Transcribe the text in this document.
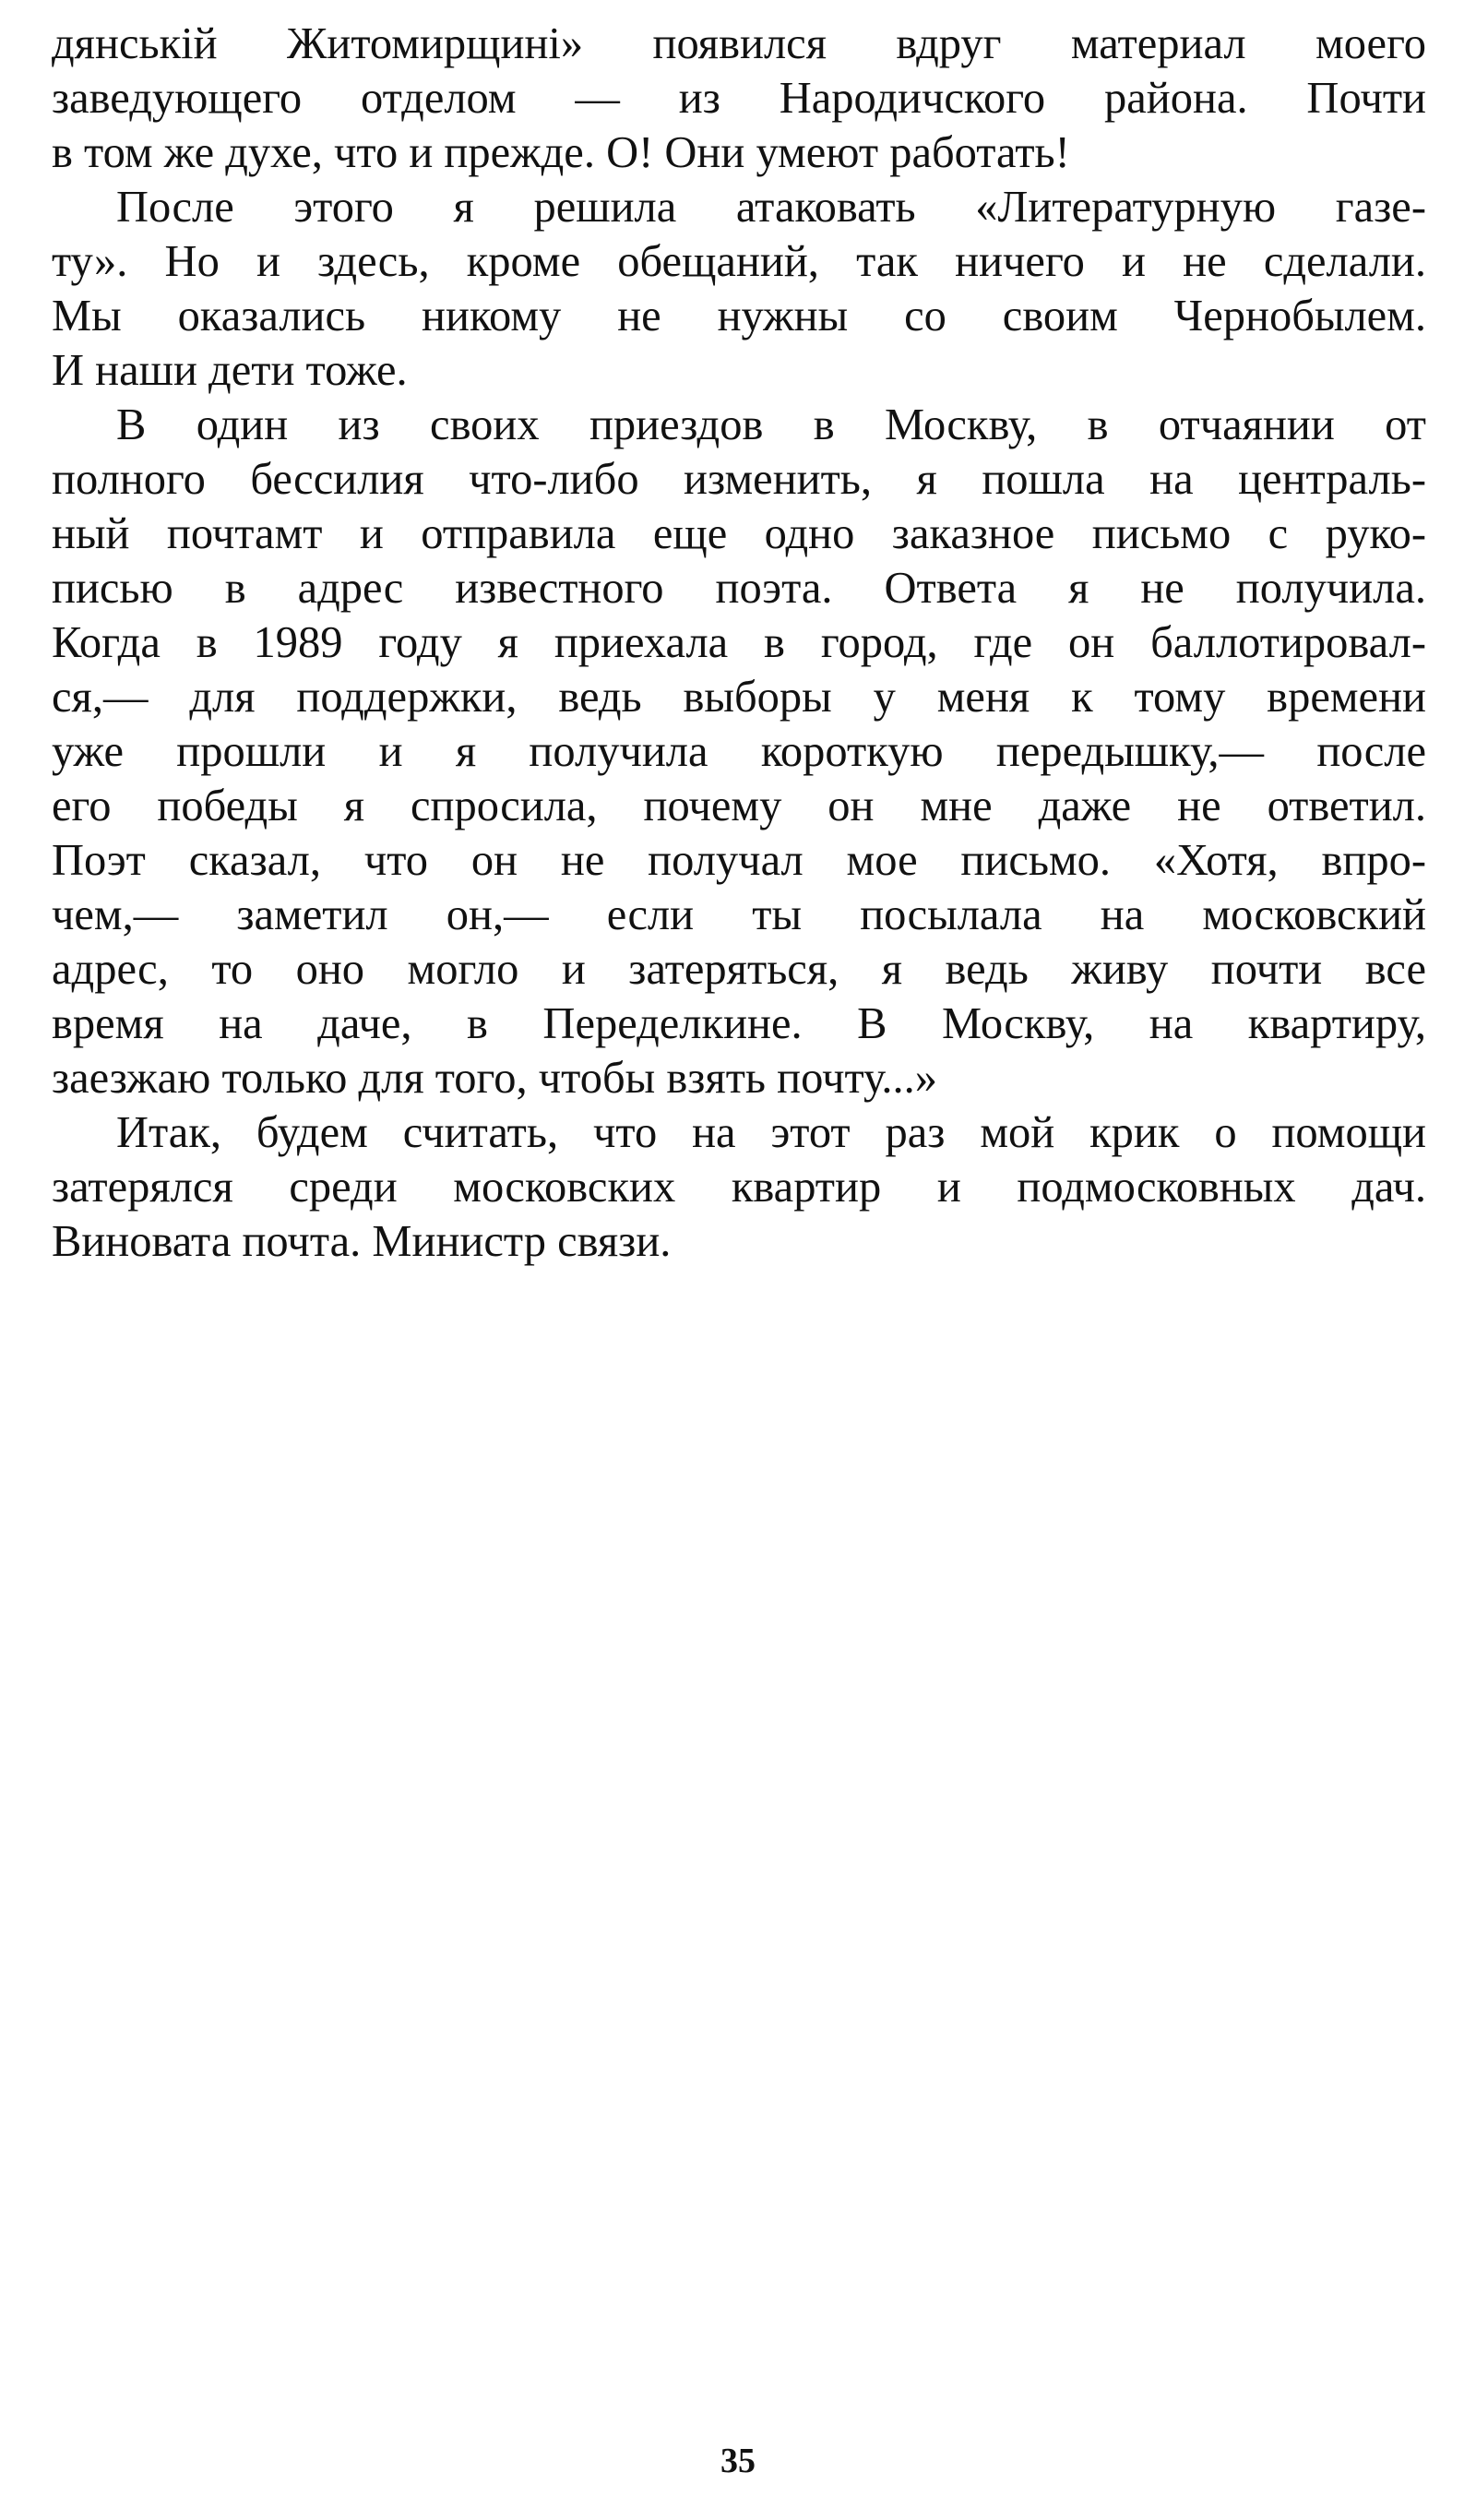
дянській Житомирщині» появился вдруг материал моего
заведующего отделом — из Народичского района. Почти
в том же духе, что и прежде. О! Они умеют работать!
После этого я решила атаковать «Литературную газе-
ту». Но и здесь, кроме обещаний, так ничего и не сделали.
Мы оказались никому не нужны со своим Чернобылем.
И наши дети тоже.
В один из своих приездов в Москву, в отчаянии от
полного бессилия что-либо изменить, я пошла на централь-
ный почтамт и отправила еще одно заказное письмо с руко-
писью в адрес известного поэта. Ответа я не получила.
Когда в 1989 году я приехала в город, где он баллотировал-
ся,— для поддержки, ведь выборы у меня к тому времени
уже прошли и я получила короткую передышку,— после
его победы я спросила, почему он мне даже не ответил.
Поэт сказал, что он не получал мое письмо. «Хотя, впро-
чем,— заметил он,— если ты посылала на московский
адрес, то оно могло и затеряться, я ведь живу почти все
время на даче, в Переделкине. В Москву, на квартиру,
заезжаю только для того, чтобы взять почту...»
Итак, будем считать, что на этот раз мой крик о помощи
затерялся среди московских квартир и подмосковных дач.
Виновата почта. Министр связи.
35
